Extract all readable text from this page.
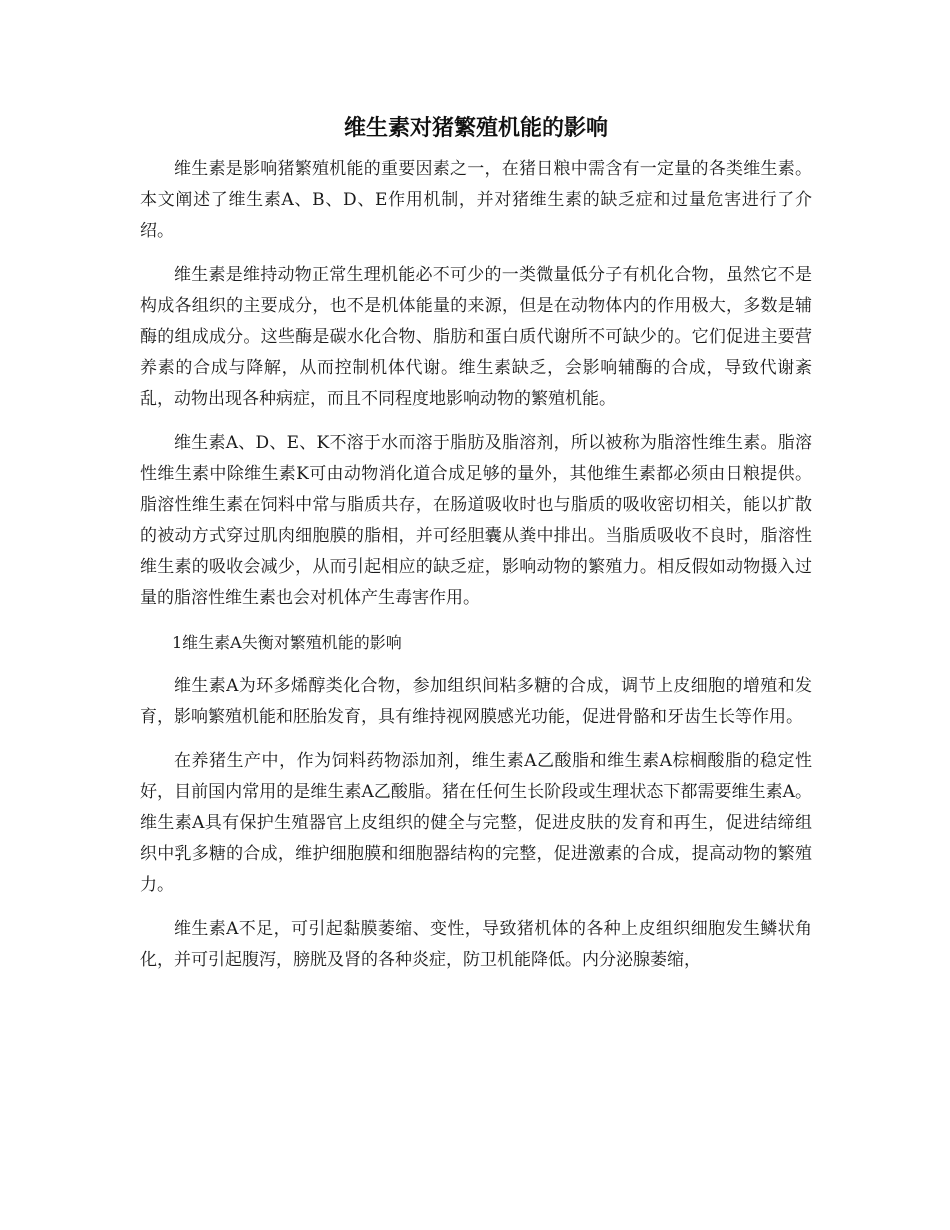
维生素对猪繁殖机能的影响

维生素是影响猪繁殖机能的重要因素之一，在猪日粮中需含有一定量的各类维生素。本文阐述了维生素A、B、D、E作用机制，并对猪维生素的缺乏症和过量危害进行了介绍。

维生素是维持动物正常生理机能必不可少的一类微量低分子有机化合物，虽然它不是构成各组织的主要成分，也不是机体能量的来源，但是在动物体内的作用极大，多数是辅酶的组成成分。这些酶是碳水化合物、脂肪和蛋白质代谢所不可缺少的。它们促进主要营养素的合成与降解，从而控制机体代谢。维生素缺乏，会影响辅酶的合成，导致代谢紊乱，动物出现各种病症，而且不同程度地影响动物的繁殖机能。

维生素A、D、E、K不溶于水而溶于脂肪及脂溶剂，所以被称为脂溶性维生素。脂溶性维生素中除维生素K可由动物消化道合成足够的量外，其他维生素都必须由日粮提供。脂溶性维生素在饲料中常与脂质共存，在肠道吸收时也与脂质的吸收密切相关，能以扩散的被动方式穿过肌肉细胞膜的脂相，并可经胆囊从粪中排出。当脂质吸收不良时，脂溶性维生素的吸收会减少，从而引起相应的缺乏症，影响动物的繁殖力。相反假如动物摄入过量的脂溶性维生素也会对机体产生毒害作用。

1维生素A失衡对繁殖机能的影响

维生素A为环多烯醇类化合物，参加组织间粘多糖的合成，调节上皮细胞的增殖和发育，影响繁殖机能和胚胎发育，具有维持视网膜感光功能，促进骨骼和牙齿生长等作用。

在养猪生产中，作为饲料药物添加剂，维生素A乙酸脂和维生素A棕榈酸脂的稳定性好，目前国内常用的是维生素A乙酸脂。猪在任何生长阶段或生理状态下都需要维生素A。维生素A具有保护生殖器官上皮组织的健全与完整，促进皮肤的发育和再生，促进结缔组织中乳多糖的合成，维护细胞膜和细胞器结构的完整，促进激素的合成，提高动物的繁殖力。

维生素A不足，可引起黏膜萎缩、变性，导致猪机体的各种上皮组织细胞发生鳞状角化，并可引起腹泻，膀胱及肾的各种炎症，防卫机能降低。内分泌腺萎缩，
